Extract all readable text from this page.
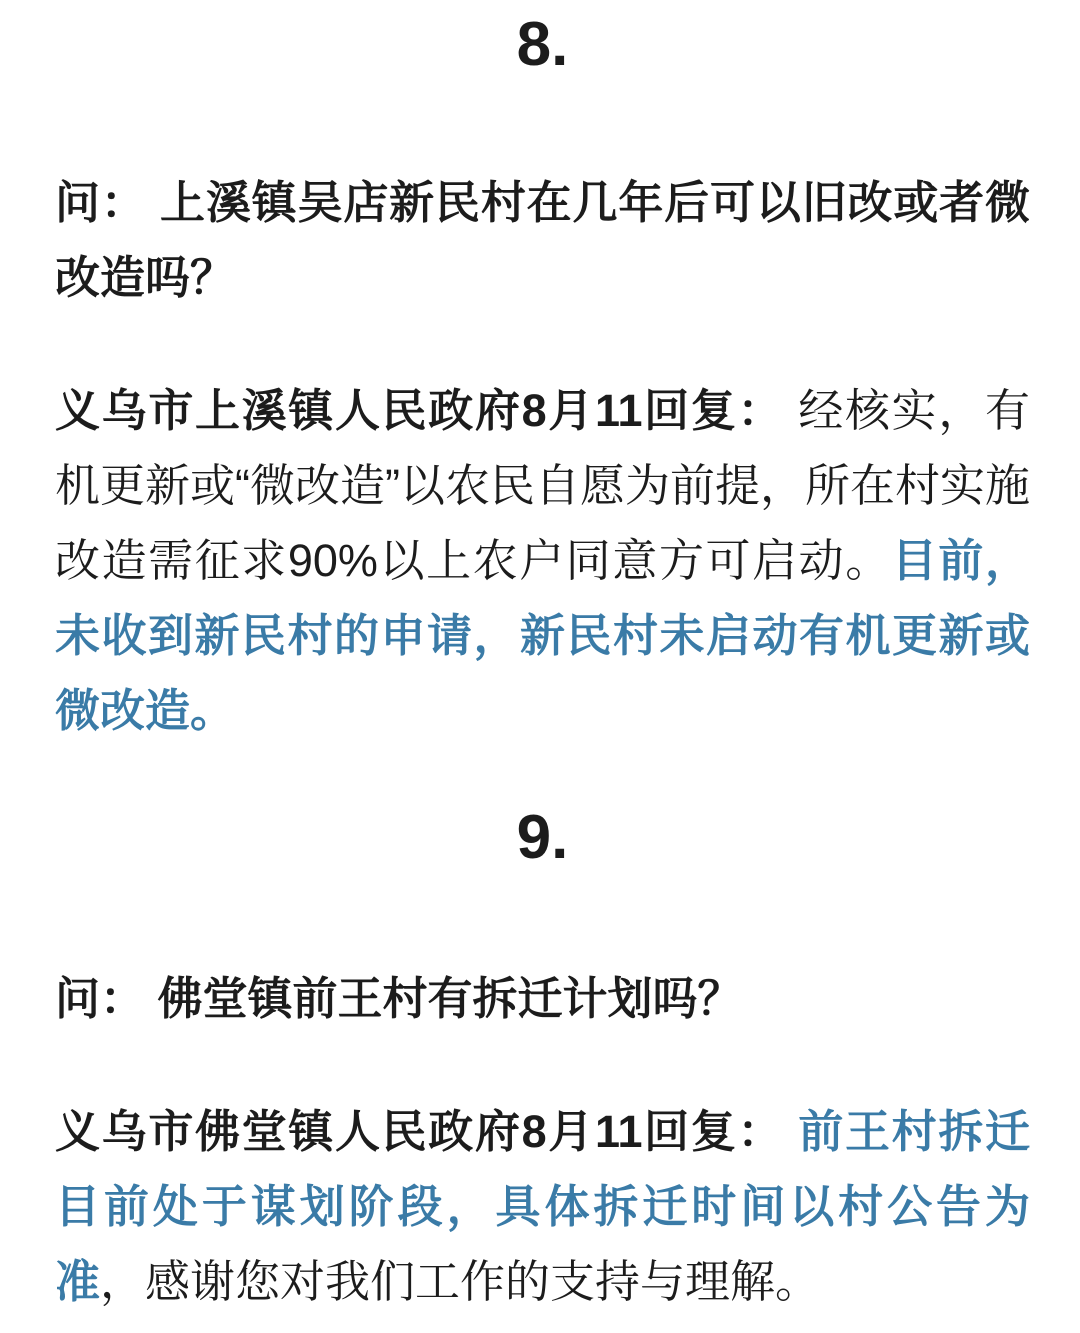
8.

问： 上溪镇吴店新民村在几年后可以旧改或者微改造吗？

义乌市上溪镇人民政府8月11回复： 经核实，有机更新或“微改造”以农民自愿为前提，所在村实施改造需征求90%以上农户同意方可启动。目前，未收到新民村的申请，新民村未启动有机更新或微改造。

9.

问： 佛堂镇前王村有拆迁计划吗？

义乌市佛堂镇人民政府8月11回复： 前王村拆迁目前处于谋划阶段，具体拆迁时间以村公告为准，感谢您对我们工作的支持与理解。
